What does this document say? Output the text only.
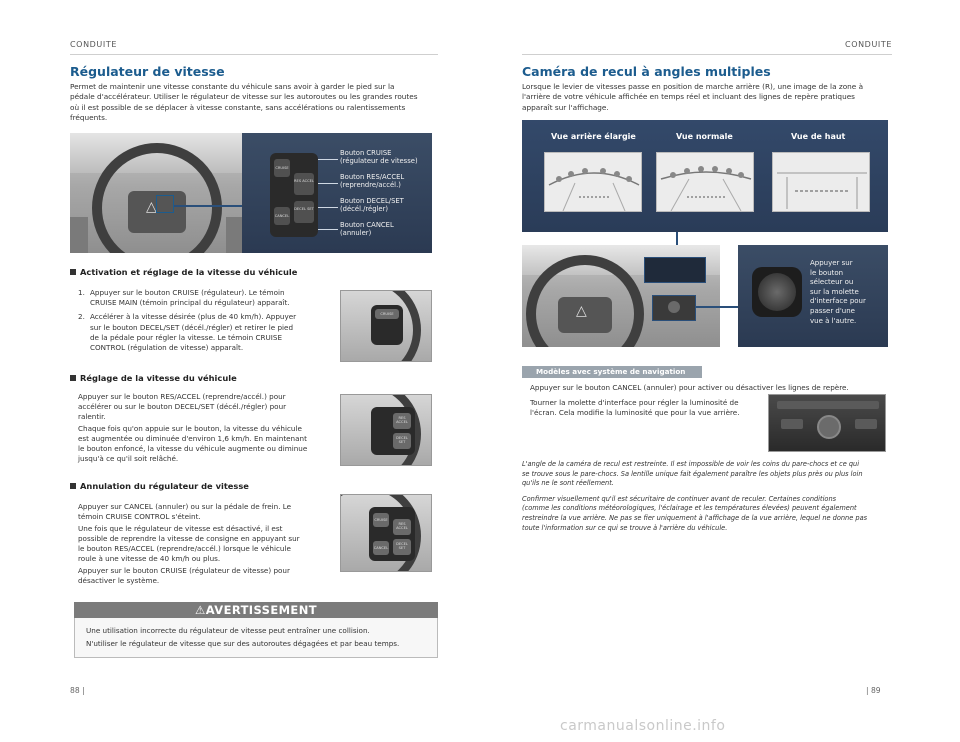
CONDUITE
Régulateur de vitesse
Permet de maintenir une vitesse constante du véhicule sans avoir à garder le pied sur la
pédale d'accélérateur. Utiliser le régulateur de vitesse sur les autoroutes ou les grandes routes
où il est possible de se déplacer à vitesse constante, sans accélérations ou ralentissements
fréquents.
△
CRUISE
RES ACCEL
CANCEL
DECEL SET
Bouton CRUISE
(régulateur de vitesse)
Bouton RES/ACCEL
(reprendre/accél.)
Bouton DECEL/SET
(décél./régler)
Bouton CANCEL
(annuler)
Activation et réglage de la vitesse du véhicule
1. Appuyer sur le bouton CRUISE (régulateur). Le témoin
CRUISE MAIN (témoin principal du régulateur) apparaît.
2. Accélérer à la vitesse désirée (plus de 40 km/h). Appuyer
sur le bouton DECEL/SET (décél./régler) et retirer le pied
de la pédale pour régler la vitesse. Le témoin CRUISE
CONTROL (régulation de vitesse) apparaît.
CRUISE
Réglage de la vitesse du véhicule
Appuyer sur le bouton RES/ACCEL (reprendre/accél.) pour
accélérer ou sur le bouton DECEL/SET (décél./régler) pour
ralentir.
Chaque fois qu'on appuie sur le bouton, la vitesse du véhicule
est augmentée ou diminuée d'environ 1,6 km/h. En maintenant
le bouton enfoncé, la vitesse du véhicule augmente ou diminue
jusqu'à ce qu'il soit relâché.
RES ACCEL
DECEL SET
Annulation du régulateur de vitesse
Appuyer sur CANCEL (annuler) ou sur la pédale de frein. Le
témoin CRUISE CONTROL s'éteint.
Une fois que le régulateur de vitesse est désactivé, il est
possible de reprendre la vitesse de consigne en appuyant sur
le bouton RES/ACCEL (reprendre/accél.) lorsque le véhicule
roule à une vitesse de 40 km/h ou plus.
Appuyer sur le bouton CRUISE (régulateur de vitesse) pour
désactiver le système.
CRUISE
RES ACCEL
CANCEL
DECEL SET
⚠AVERTISSEMENT
Une utilisation incorrecte du régulateur de vitesse peut entraîner une collision.
N'utiliser le régulateur de vitesse que sur des autoroutes dégagées et par beau temps.
88 |
CONDUITE
Caméra de recul à angles multiples
Lorsque le levier de vitesses passe en position de marche arrière (R), une image de la zone à
l'arrière de votre véhicule affichée en temps réel et incluant des lignes de repère pratiques
apparaît sur l'affichage.
Vue arrière élargie	Vue normale	Vue de haut
△
Appuyer sur
le bouton
sélecteur ou
sur la molette
d'interface pour
passer d'une
vue à l'autre.
Modèles avec système de navigation
Appuyer sur le bouton CANCEL (annuler) pour activer ou désactiver les lignes de repère.
Tourner la molette d'interface pour régler la luminosité de
l'écran. Cela modifie la luminosité que pour la vue arrière.

L'angle de la caméra de recul est restreinte. Il est impossible de voir les coins du pare-chocs et ce qui
se trouve sous le pare-chocs. Sa lentille unique fait également paraître les objets plus près ou plus loin
qu'ils ne le sont réellement.

Confirmer visuellement qu'il est sécuritaire de continuer avant de reculer. Certaines conditions
(comme les conditions météorologiques, l'éclairage et les températures élevées) peuvent également
restreindre la vue arrière. Ne pas se fier uniquement à l'affichage de la vue arrière, lequel ne donne pas
toute l'information sur ce qui se trouve à l'arrière du véhicule.

| 89
carmanualsonline.info
